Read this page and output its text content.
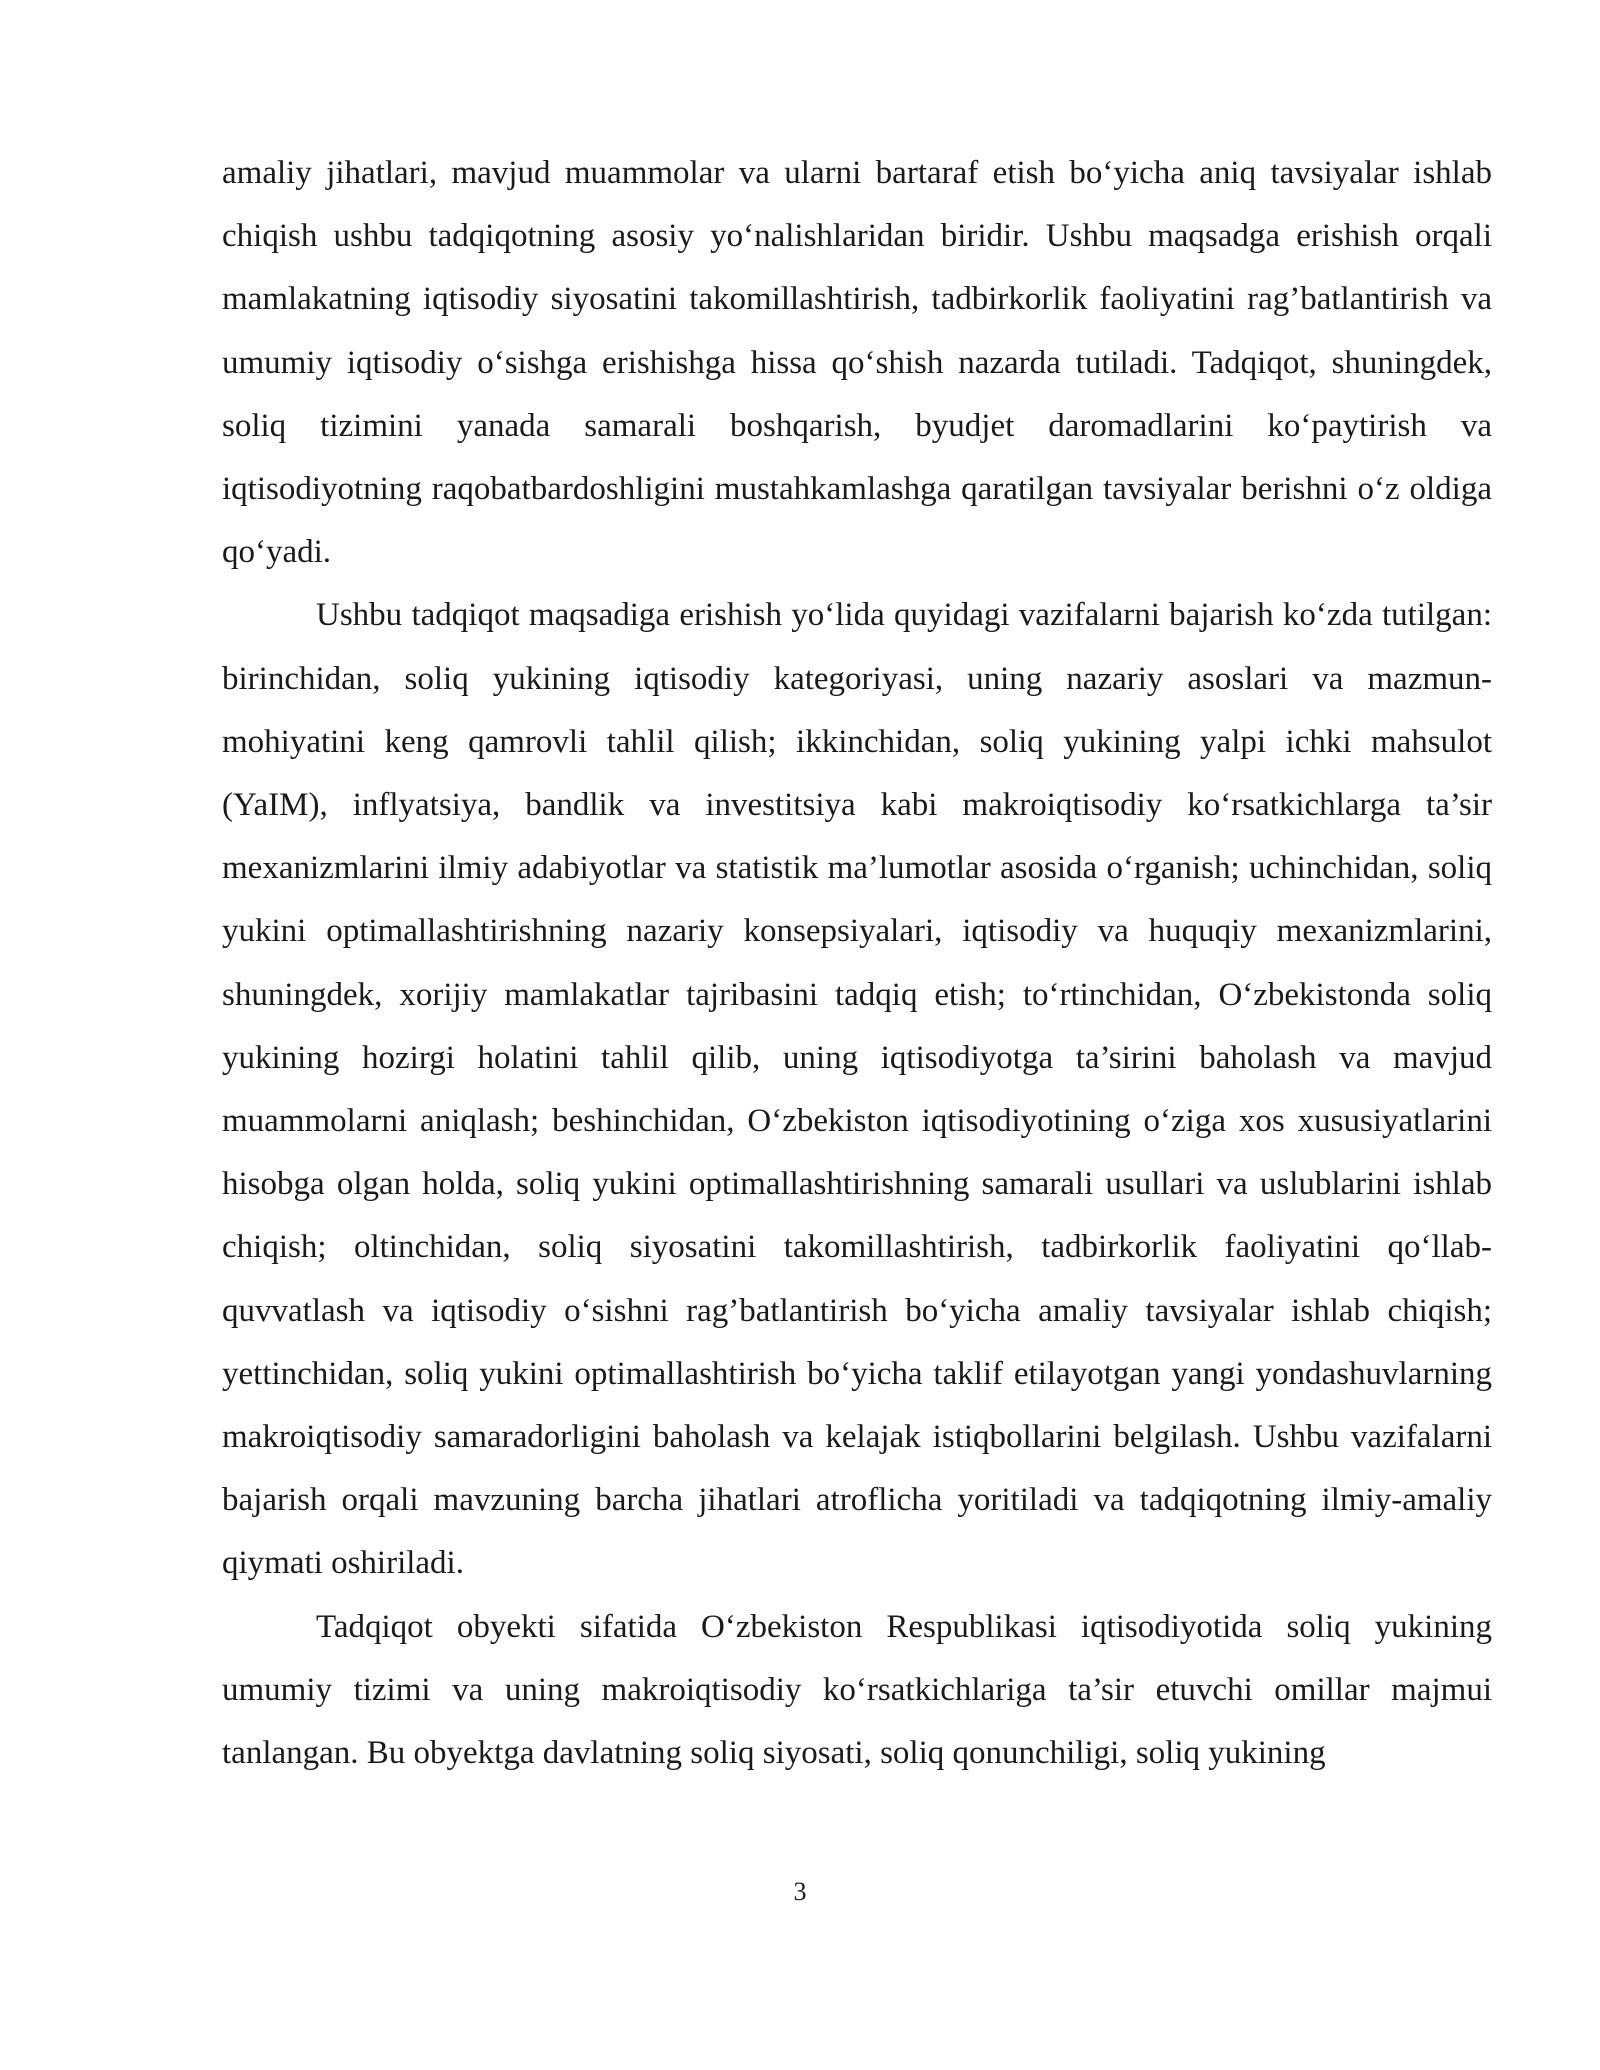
amaliy jihatlari, mavjud muammolar va ularni bartaraf etish bo‘yicha aniq tavsiyalar ishlab chiqish ushbu tadqiqotning asosiy yo‘nalishlaridan biridir. Ushbu maqsadga erishish orqali mamlakatning iqtisodiy siyosatini takomillashtirish, tadbirkorlik faoliyatini rag’batlantirish va umumiy iqtisodiy o‘sishga erishishga hissa qo‘shish nazarda tutiladi. Tadqiqot, shuningdek, soliq tizimini yanada samarali boshqarish, byudjet daromadlarini ko‘paytirish va iqtisodiyotning raqobatbardoshligini mustahkamlashga qaratilgan tavsiyalar berishni o‘z oldiga qo‘yadi.

Ushbu tadqiqot maqsadiga erishish yo‘lida quyidagi vazifalarni bajarish ko‘zda tutilgan: birinchidan, soliq yukining iqtisodiy kategoriyasi, uning nazariy asoslari va mazmun-mohiyatini keng qamrovli tahlil qilish; ikkinchidan, soliq yukining yalpi ichki mahsulot (YaIM), inflyatsiya, bandlik va investitsiya kabi makroiqtisodiy ko‘rsatkichlarga ta’sir mexanizmlarini ilmiy adabiyotlar va statistik ma’lumotlar asosida o‘rganish; uchinchidan, soliq yukini optimallashtirishning nazariy konsepsiyalari, iqtisodiy va huquqiy mexanizmlarini, shuningdek, xorijiy mamlakatlar tajribasini tadqiq etish; to‘rtinchidan, O‘zbekistonda soliq yukining hozirgi holatini tahlil qilib, uning iqtisodiyotga ta’sirini baholash va mavjud muammolarni aniqlash; beshinchidan, O‘zbekiston iqtisodiyotining o‘ziga xos xususiyatlarini hisobga olgan holda, soliq yukini optimallashtirishning samarali usullari va uslublarini ishlab chiqish; oltinchidan, soliq siyosatini takomillashtirish, tadbirkorlik faoliyatini qo‘llab-quvvatlash va iqtisodiy o‘sishni rag’batlantirish bo‘yicha amaliy tavsiyalar ishlab chiqish; yettinchidan, soliq yukini optimallashtirish bo‘yicha taklif etilayotgan yangi yondashuvlarning makroiqtisodiy samaradorligini baholash va kelajak istiqbollarini belgilash. Ushbu vazifalarni bajarish orqali mavzuning barcha jihatlari atroflicha yoritiladi va tadqiqotning ilmiy-amaliy qiymati oshiriladi.

Tadqiqot obyekti sifatida O‘zbekiston Respublikasi iqtisodiyotida soliq yukining umumiy tizimi va uning makroiqtisodiy ko‘rsatkichlariga ta’sir etuvchi omillar majmui tanlangan. Bu obyektga davlatning soliq siyosati, soliq qonunchiligi, soliq yukining

3
